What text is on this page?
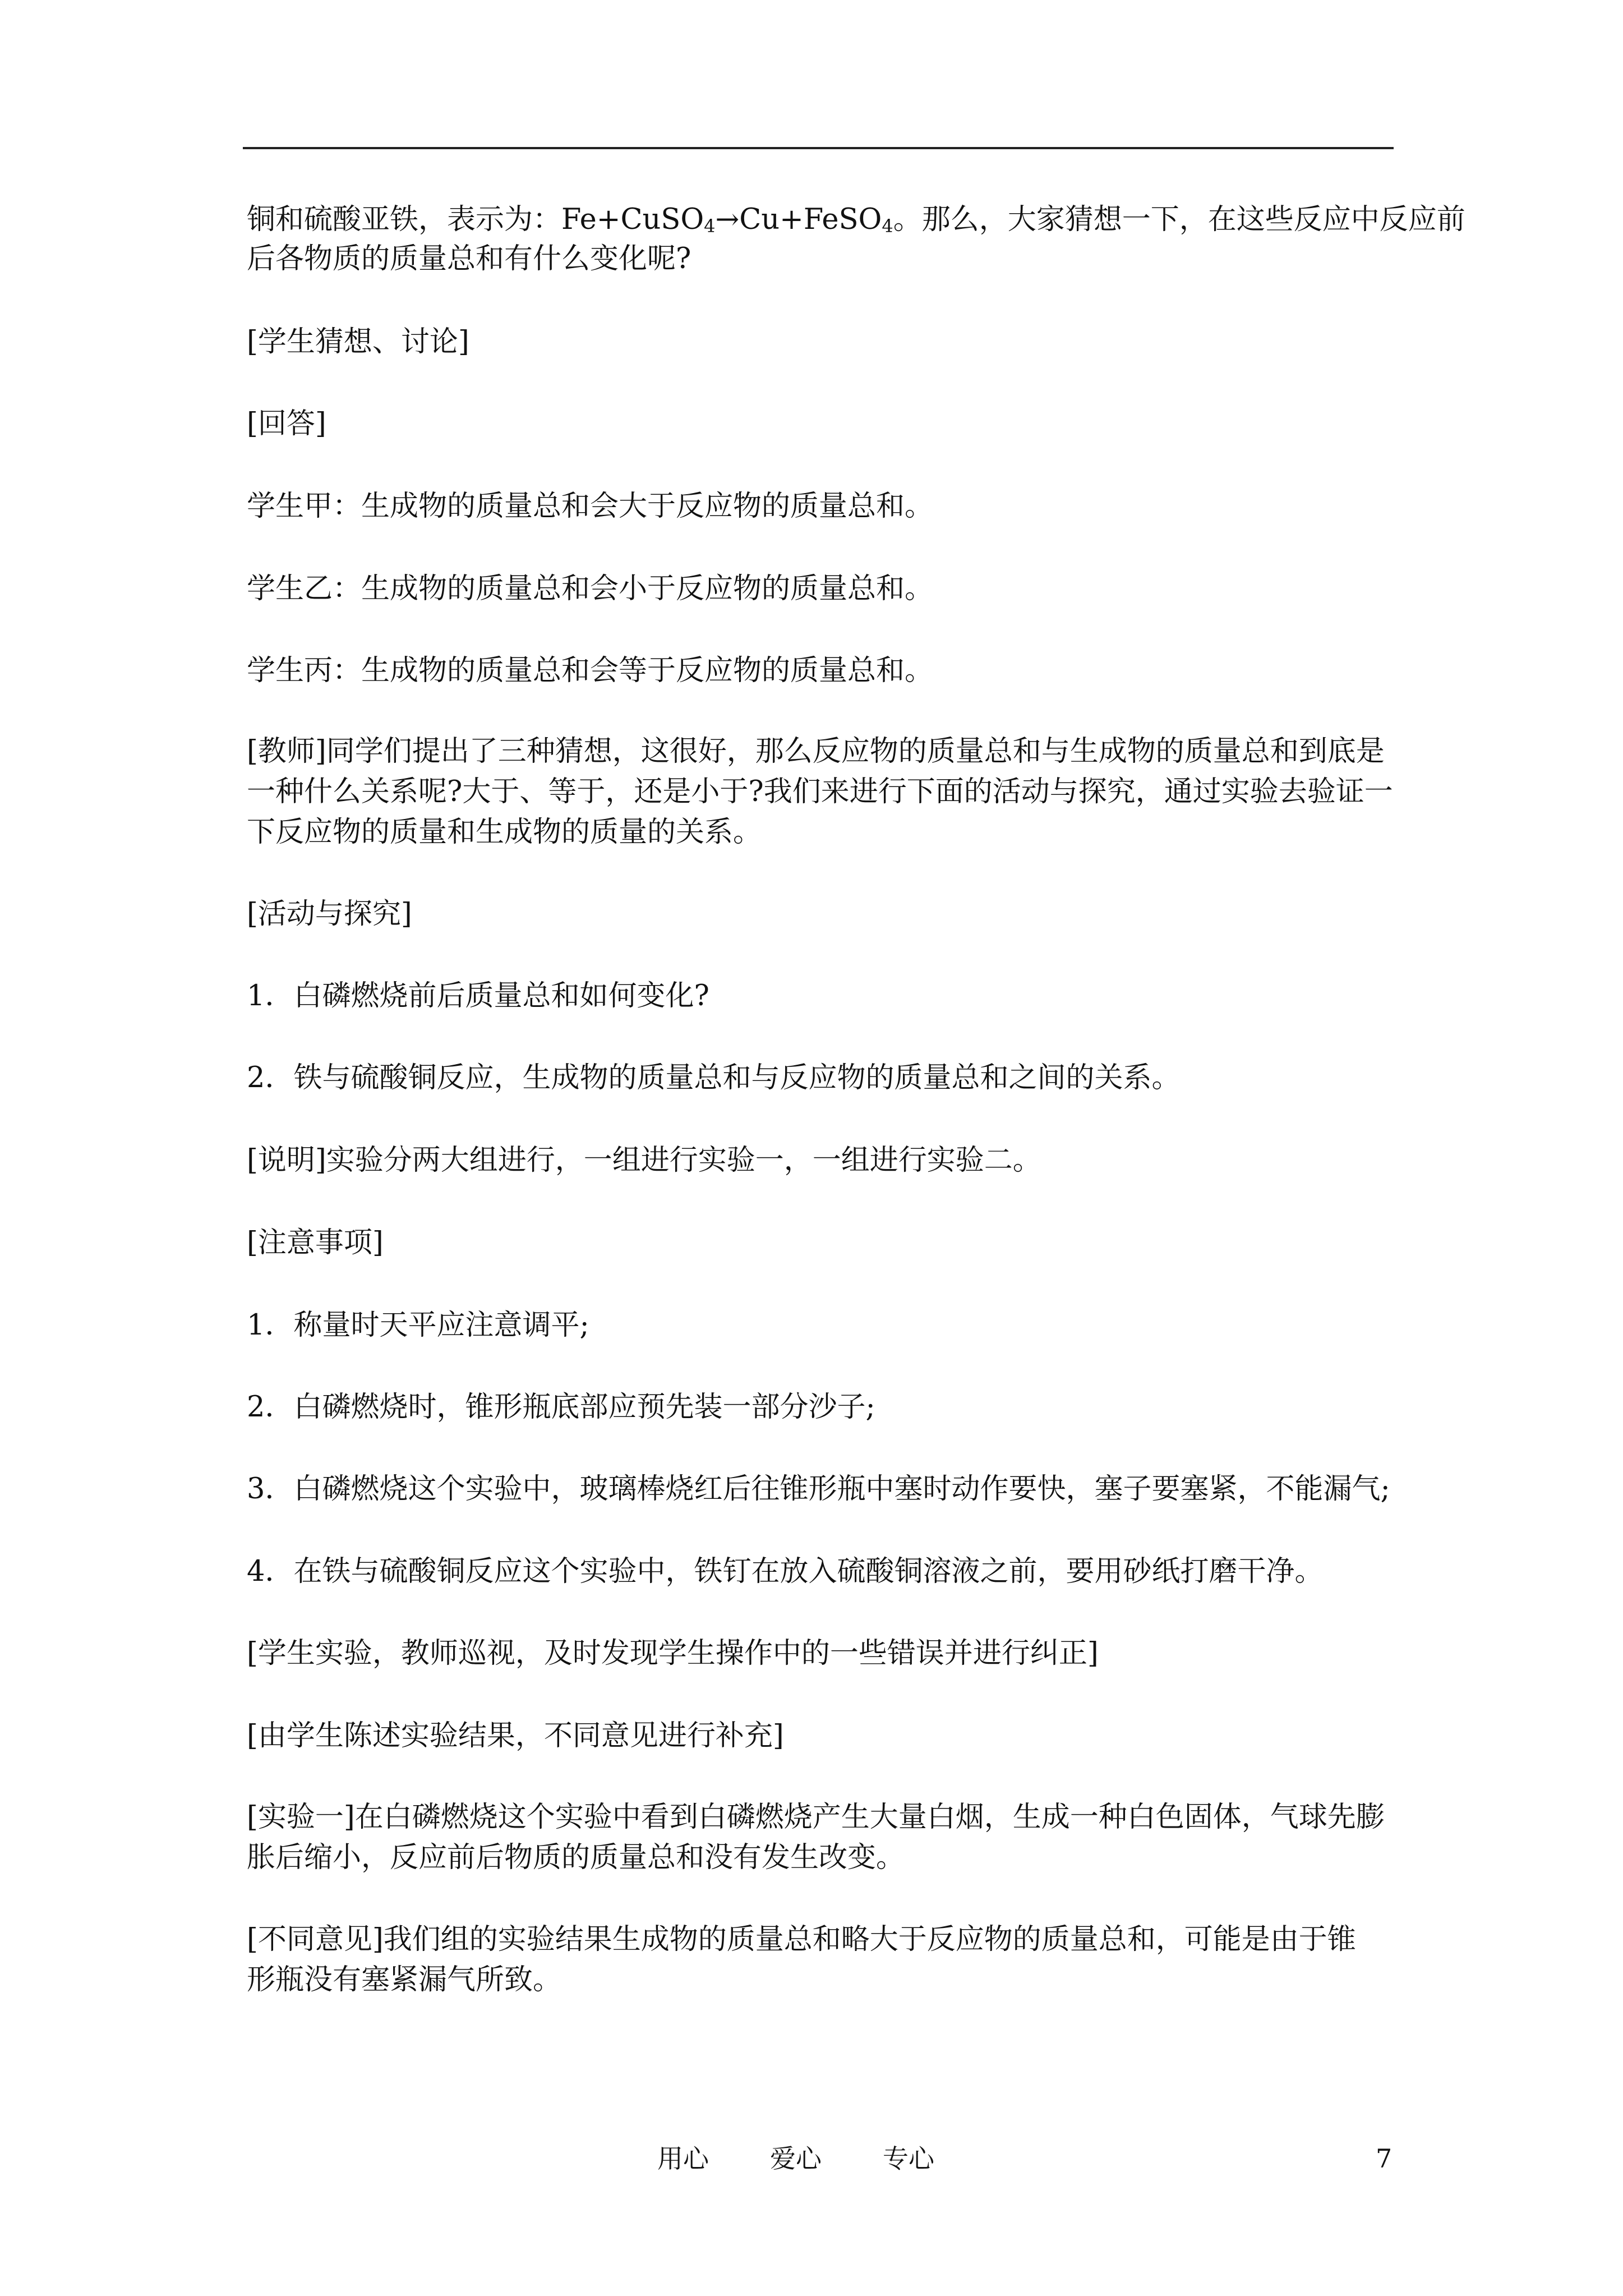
铜和硫酸亚铁，表示为：Fe+CuSO$_4$→Cu+FeSO$_4$。那么，大家猜想一下，在这些反应中反应前
后各物质的质量总和有什么变化呢?
[学生猜想、讨论]
[回答]
学生甲：生成物的质量总和会大于反应物的质量总和。
学生乙：生成物的质量总和会小于反应物的质量总和。
学生丙：生成物的质量总和会等于反应物的质量总和。
[教师]同学们提出了三种猜想，这很好，那么反应物的质量总和与生成物的质量总和到底是
一种什么关系呢?大于、等于，还是小于?我们来进行下面的活动与探究，通过实验去验证一
下反应物的质量和生成物的质量的关系。
[活动与探究]
1．白磷燃烧前后质量总和如何变化?
2．铁与硫酸铜反应，生成物的质量总和与反应物的质量总和之间的关系。
[说明]实验分两大组进行，一组进行实验一，一组进行实验二。
[注意事项]
1．称量时天平应注意调平;
2．白磷燃烧时，锥形瓶底部应预先装一部分沙子;
3．白磷燃烧这个实验中，玻璃棒烧红后往锥形瓶中塞时动作要快，塞子要塞紧，不能漏气;
4．在铁与硫酸铜反应这个实验中，铁钉在放入硫酸铜溶液之前，要用砂纸打磨干净。
[学生实验，教师巡视，及时发现学生操作中的一些错误并进行纠正]
[由学生陈述实验结果，不同意见进行补充]
[实验一]在白磷燃烧这个实验中看到白磷燃烧产生大量白烟，生成一种白色固体，气球先膨
胀后缩小，反应前后物质的质量总和没有发生改变。
[不同意见]我们组的实验结果生成物的质量总和略大于反应物的质量总和，可能是由于锥
形瓶没有塞紧漏气所致。
用心 爱心 专心	7
